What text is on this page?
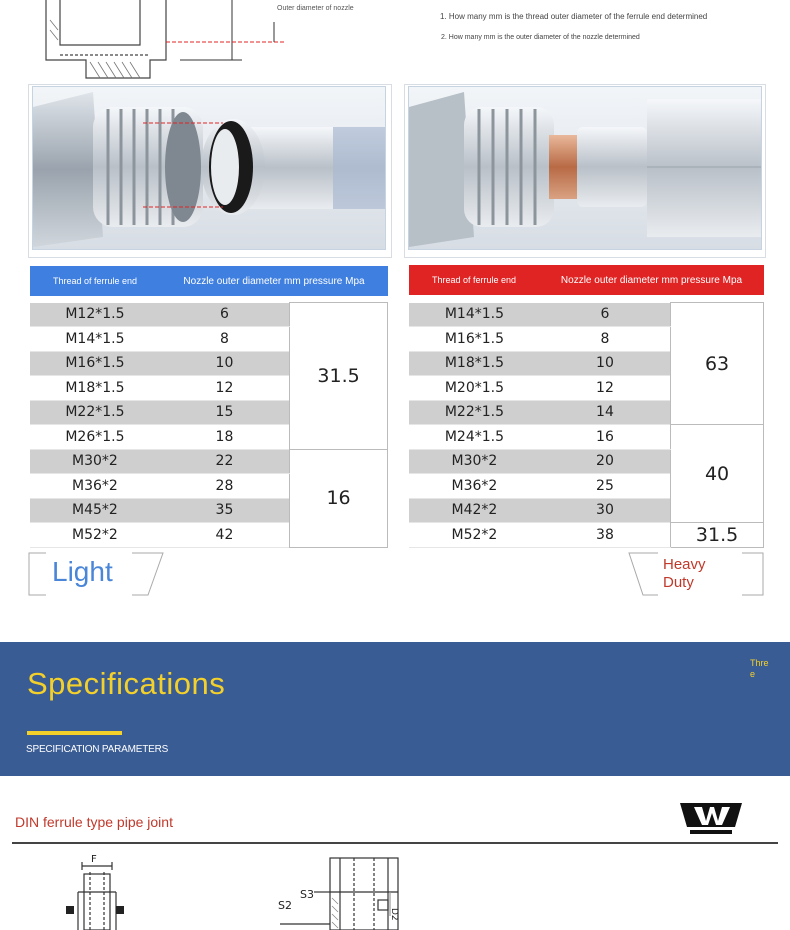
Outer diameter of nozzle
1. How many mm is the thread outer diameter of the ferrule end determined
2. How many mm is the outer diameter of the nozzle determined
Thread of ferrule end	Nozzle outer diameter mm pressure Mpa	Thread of ferrule end	Nozzle outer diameter mm pressure Mpa
M12*1.5	6	31.5
M14*1.5	8	
M16*1.5	10	
M18*1.5	12	
M22*1.5	15	
M26*1.5	18	
M30*2	22	16
M36*2	28	
M45*2	35	
M52*2	42	
M14*1.5	6	63
M16*1.5	8	
M18*1.5	10	
M20*1.5	12	
M22*1.5	14	
M24*1.5	16	40
M30*2	20	
M36*2	25	
M42*2	30	
M52*2	38	31.5
Light	Heavy Duty
Specifications
SPECIFICATION PARAMETERS
Three
DIN ferrule type pipe joint
F
S3
S2
D2
